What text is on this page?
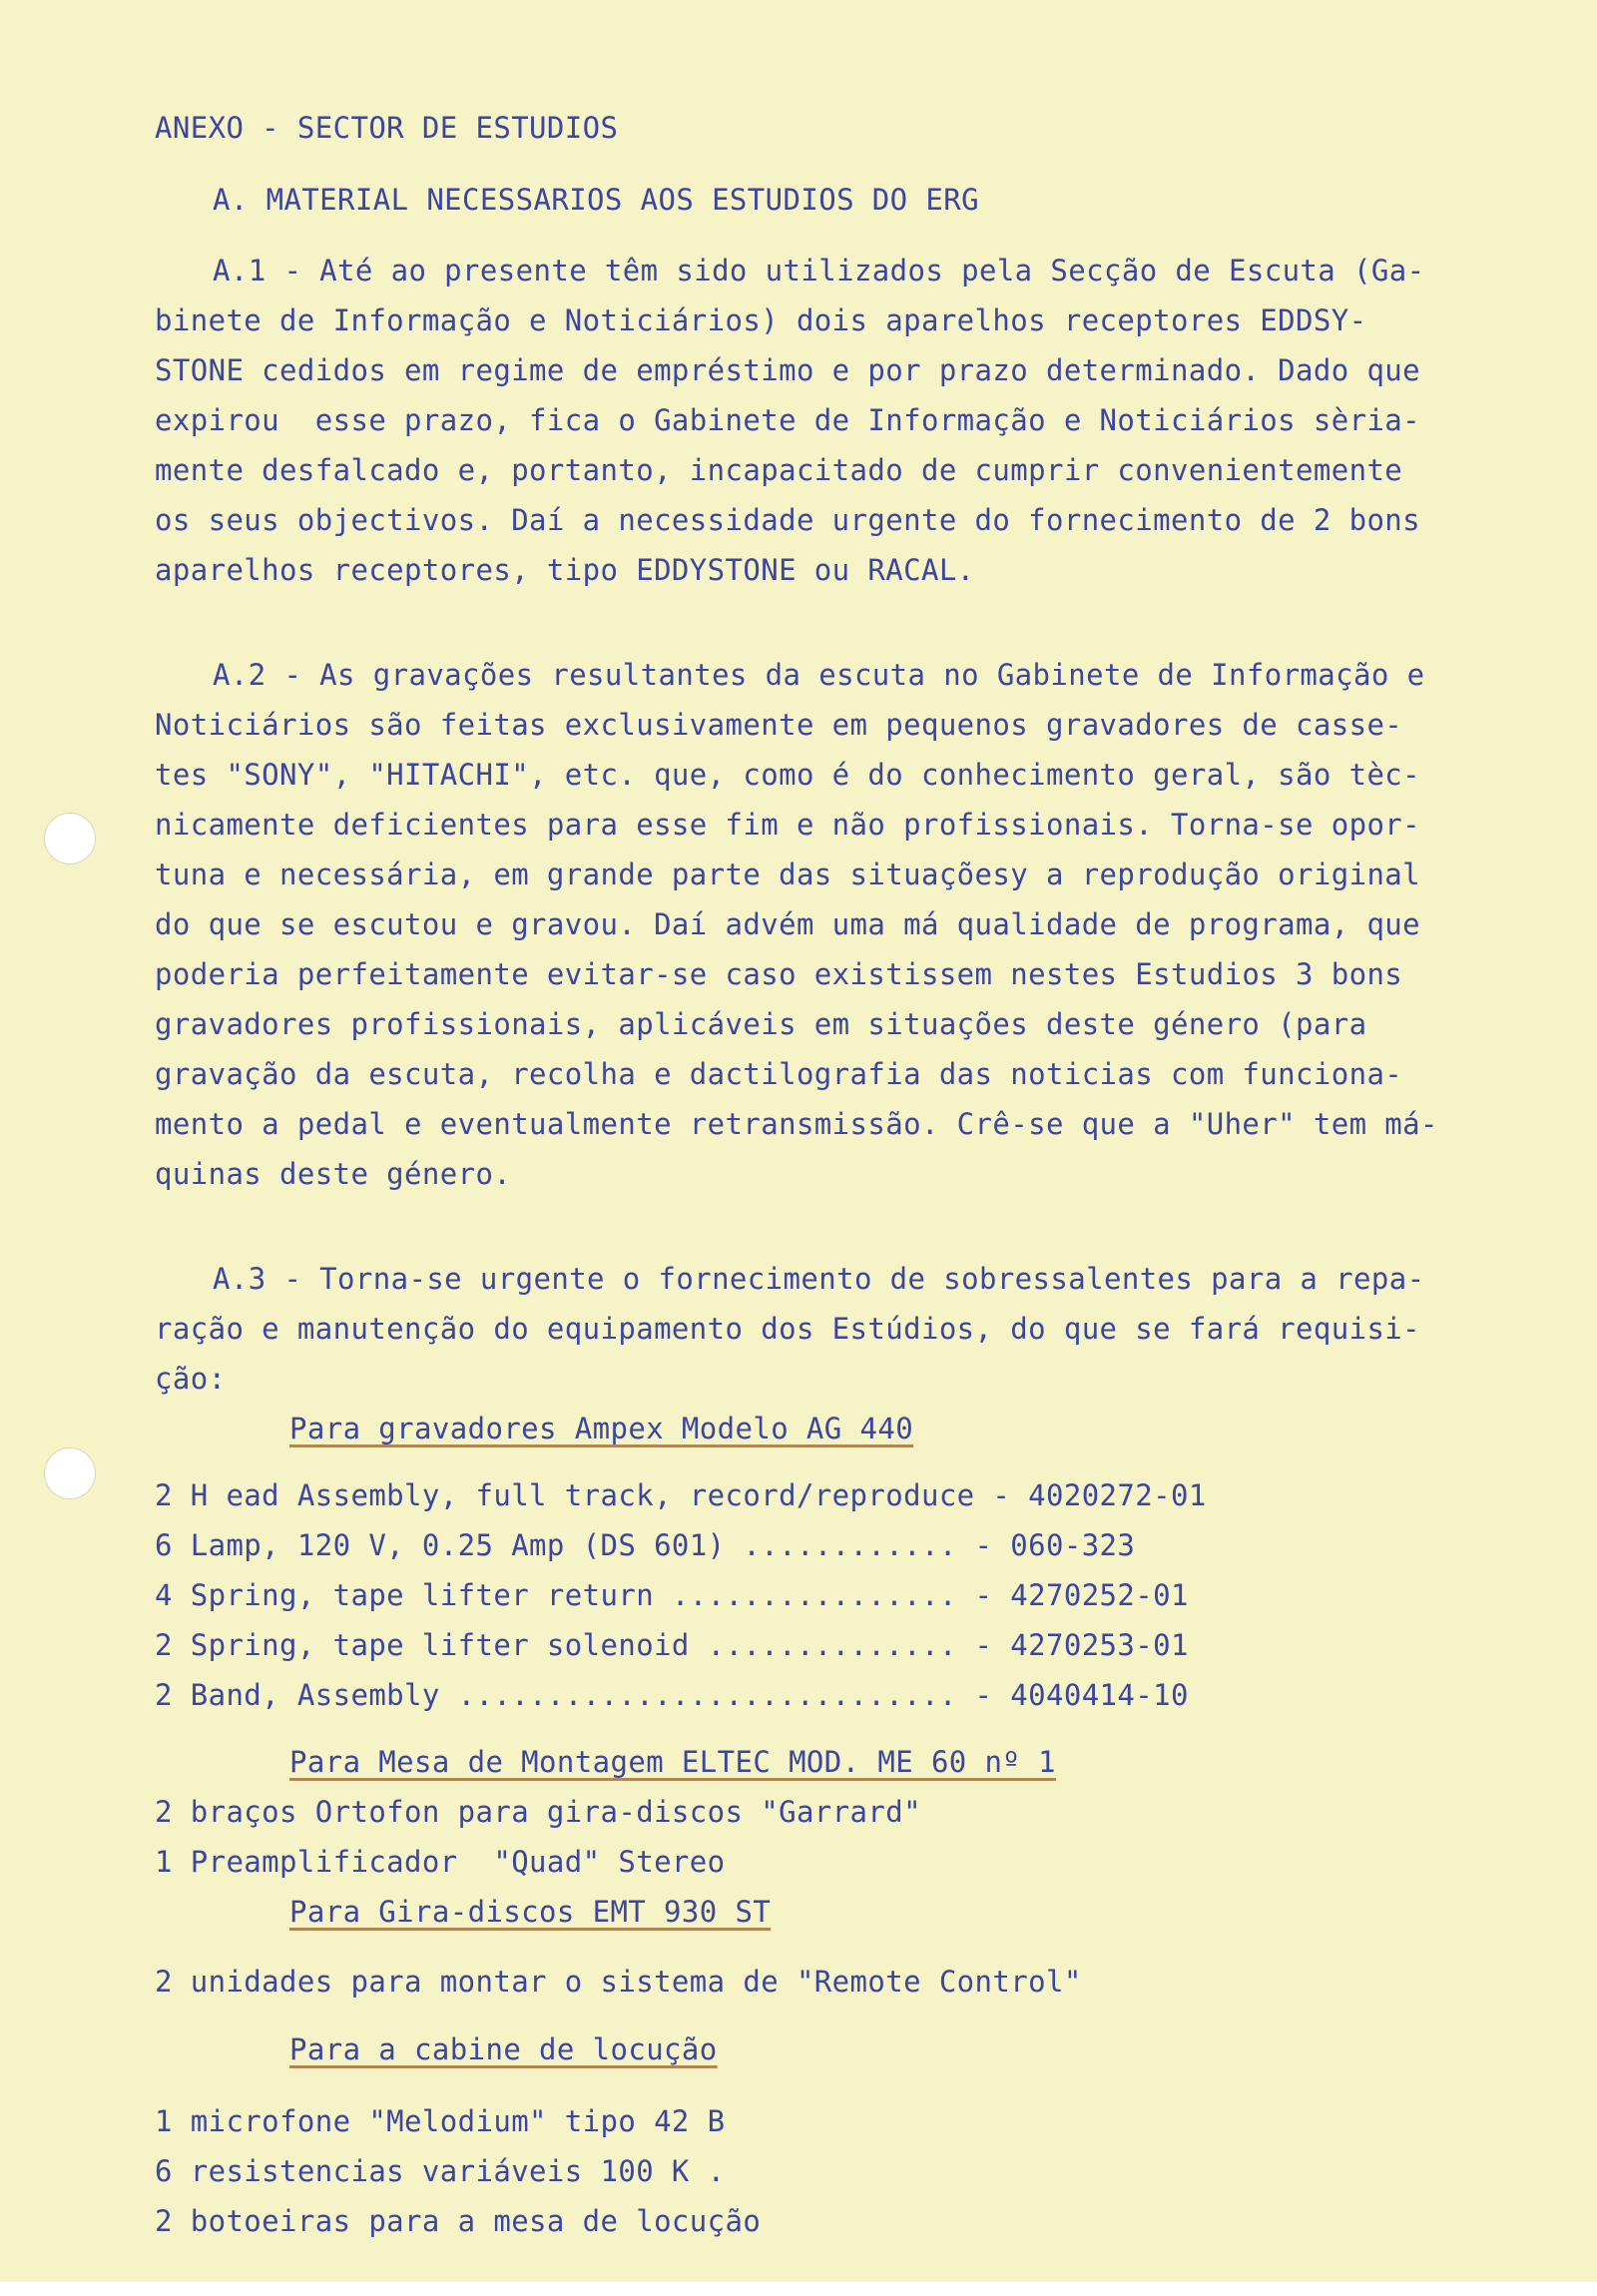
ANEXO - SECTOR DE ESTUDIOS
A. MATERIAL NECESSARIOS AOS ESTUDIOS DO ERG
A.1 - Até ao presente têm sido utilizados pela Secção de Escuta (Ga-
binete de Informação e Noticiários) dois aparelhos receptores EDDSY-
STONE cedidos em regime de empréstimo e por prazo determinado. Dado que
expirou  esse prazo, fica o Gabinete de Informação e Noticiários sèria-
mente desfalcado e, portanto, incapacitado de cumprir convenientemente
os seus objectivos. Daí a necessidade urgente do fornecimento de 2 bons
aparelhos receptores, tipo EDDYSTONE ou RACAL.
A.2 - As gravações resultantes da escuta no Gabinete de Informação e
Noticiários são feitas exclusivamente em pequenos gravadores de casse-
tes "SONY", "HITACHI", etc. que, como é do conhecimento geral, são tèc-
nicamente deficientes para esse fim e não profissionais. Torna-se opor-
tuna e necessária, em grande parte das situaçõesy a reprodução original
do que se escutou e gravou. Daí advém uma má qualidade de programa, que
poderia perfeitamente evitar-se caso existissem nestes Estudios 3 bons
gravadores profissionais, aplicáveis em situações deste género (para
gravação da escuta, recolha e dactilografia das noticias com funciona-
mento a pedal e eventualmente retransmissão. Crê-se que a "Uher" tem má-
quinas deste género.
A.3 - Torna-se urgente o fornecimento de sobressalentes para a repa-
ração e manutenção do equipamento dos Estúdios, do que se fará requisi-
ção:
Para gravadores Ampex Modelo AG 440
2 H ead Assembly, full track, record/reproduce - 4020272-01
6 Lamp, 120 V, 0.25 Amp (DS 601) ............ - 060-323
4 Spring, tape lifter return ................ - 4270252-01
2 Spring, tape lifter solenoid .............. - 4270253-01
2 Band, Assembly ............................ - 4040414-10
Para Mesa de Montagem ELTEC MOD. ME 60 nº 1
2 braços Ortofon para gira-discos "Garrard"
1 Preamplificador  "Quad" Stereo
Para Gira-discos EMT 930 ST
2 unidades para montar o sistema de "Remote Control"
Para a cabine de locução
1 microfone "Melodium" tipo 42 B
6 resistencias variáveis 100 K .
2 botoeiras para a mesa de locução
